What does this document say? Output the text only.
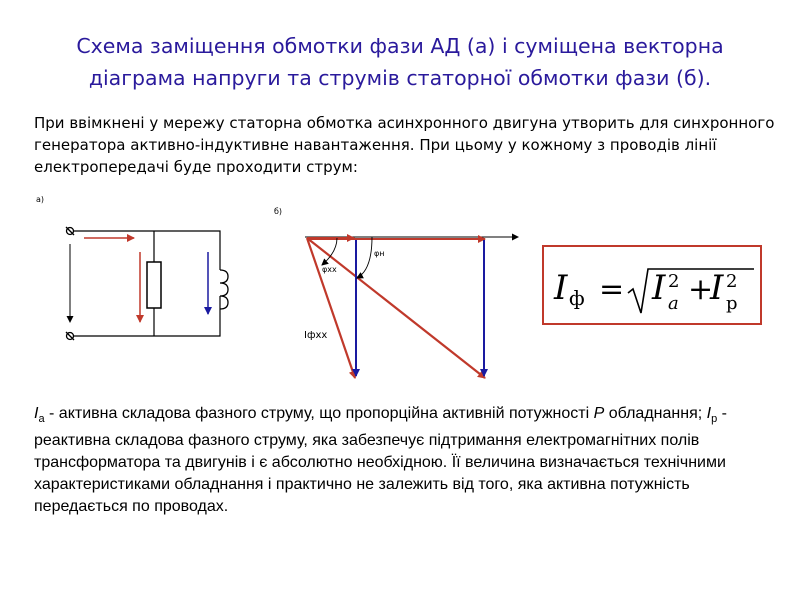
Схема заміщення обмотки фази АД (а) і суміщена векторна
діаграма напруги та струмів статорної обмотки фази (б).
При ввімкнені у мережу статорна обмотка асинхронного двигуна утворить для синхронного генератора активно-індуктивне навантаження. При цьому у кожному з проводів лінії електропередачі буде проходити струм:
а)
б)
φн
φхх
Іфхх
I ф = I 2
a +
I 2
р
$І_а$ - активна складова фазного струму, що пропорційна активній потужності Р обладнання; $І_р$ - реактивна складова фазного струму, яка забезпечує підтримання електромагнітних полів трансформатора та двигунів і є абсолютно необхідною. Її величина визначається технічними характеристиками обладнання і практично не залежить від того, яка активна потужність передається по проводах.
